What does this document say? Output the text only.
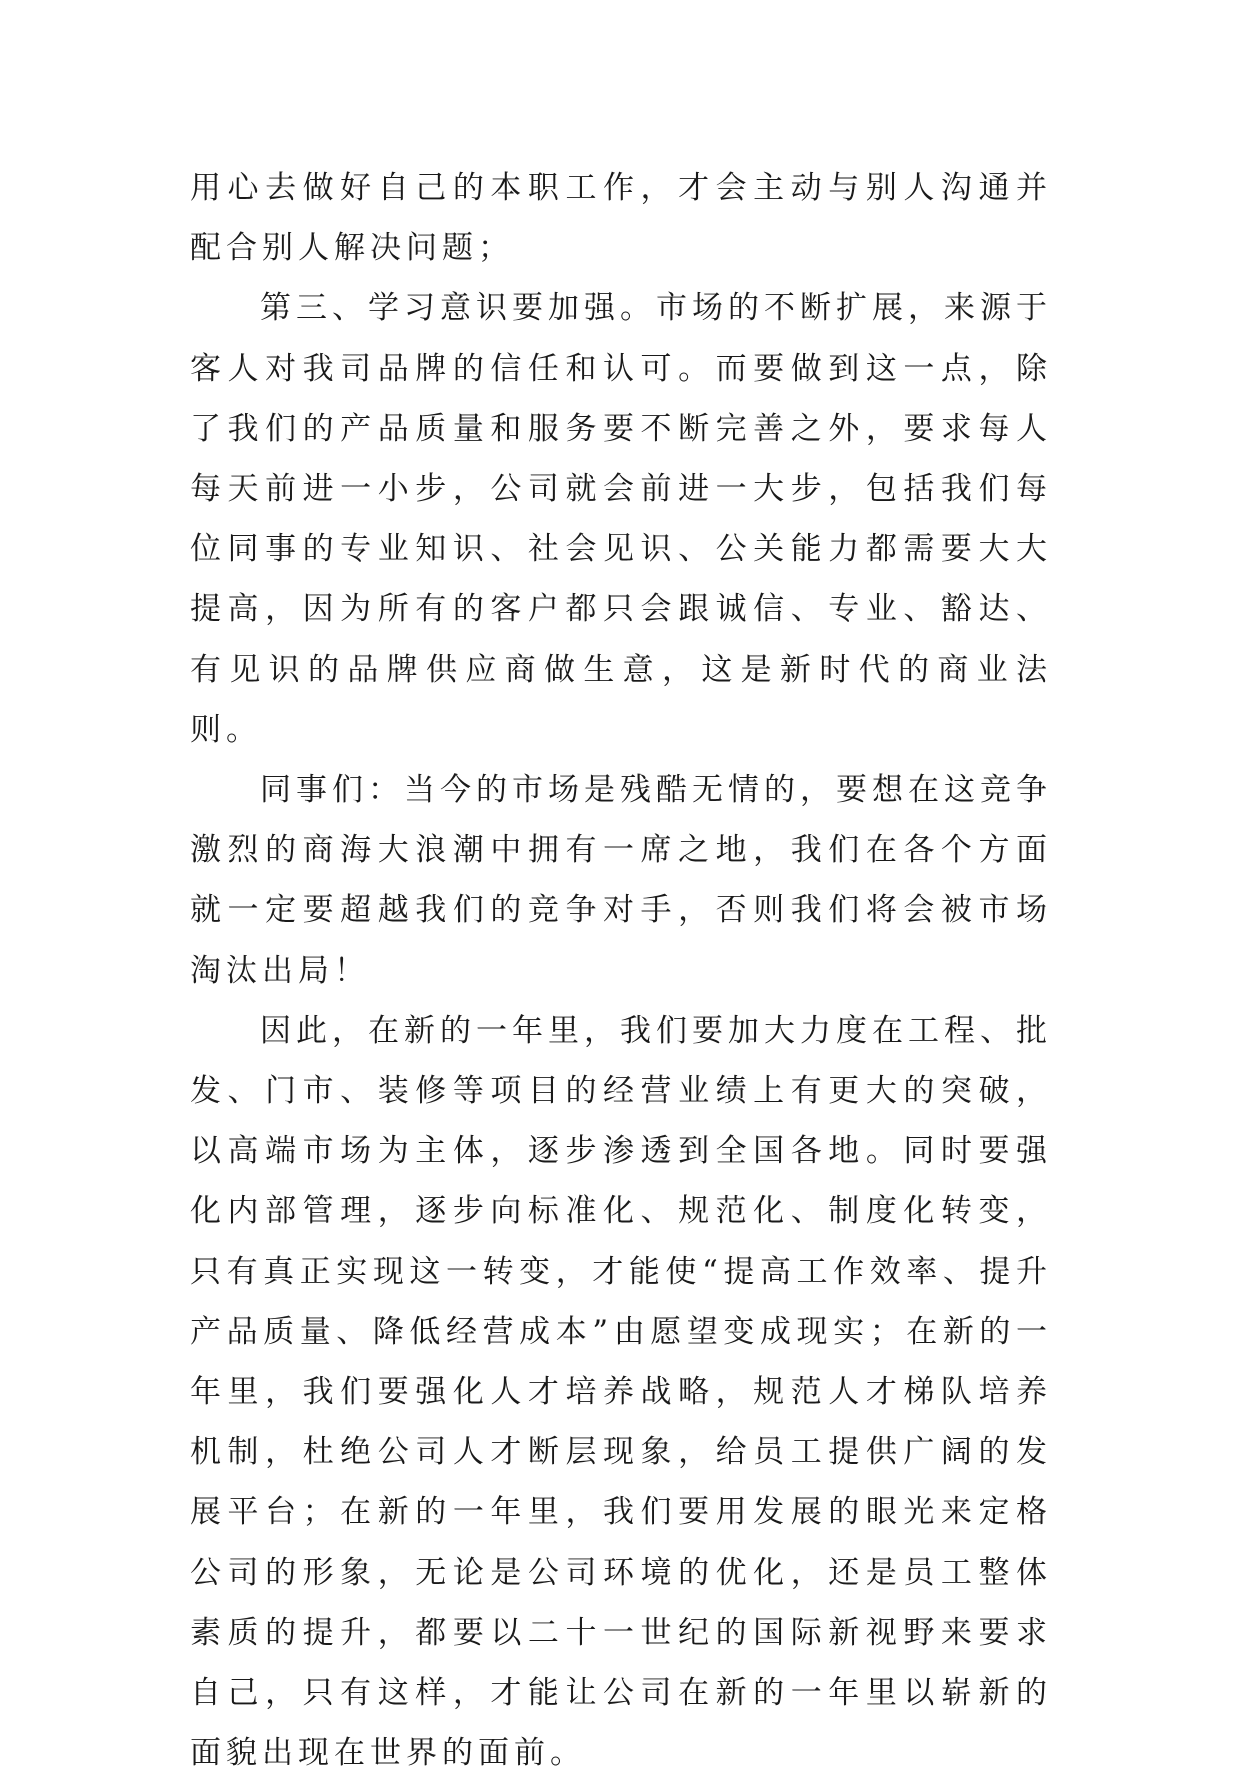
用心去做好自己的本职工作，才会主动与别人沟通并配合别人解决问题；

第三、学习意识要加强。市场的不断扩展，来源于客人对我司品牌的信任和认可。而要做到这一点，除了我们的产品质量和服务要不断完善之外，要求每人每天前进一小步，公司就会前进一大步，包括我们每位同事的专业知识、社会见识、公关能力都需要大大提高，因为所有的客户都只会跟诚信、专业、豁达、有见识的品牌供应商做生意，这是新时代的商业法则。

同事们：当今的市场是残酷无情的，要想在这竞争激烈的商海大浪潮中拥有一席之地，我们在各个方面就一定要超越我们的竞争对手，否则我们将会被市场淘汰出局！

因此，在新的一年里，我们要加大力度在工程、批发、门市、装修等项目的经营业绩上有更大的突破，以高端市场为主体，逐步渗透到全国各地。同时要强化内部管理，逐步向标准化、规范化、制度化转变，只有真正实现这一转变，才能使“提高工作效率、提升产品质量、降低经营成本”由愿望变成现实；在新的一年里，我们要强化人才培养战略，规范人才梯队培养机制，杜绝公司人才断层现象，给员工提供广阔的发展平台；在新的一年里，我们要用发展的眼光来定格公司的形象，无论是公司环境的优化，还是员工整体素质的提升，都要以二十一世纪的国际新视野来要求自己，只有这样，才能让公司在新的一年里以崭新的面貌出现在世界的面前。
